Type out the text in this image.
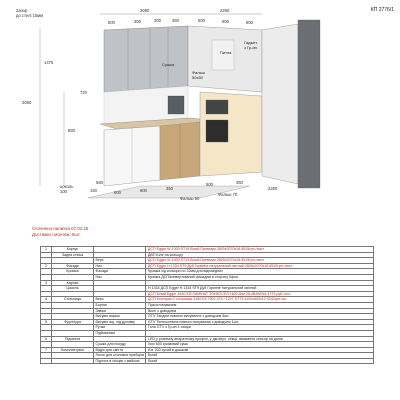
КП 2776/1
2090	2260
2050
1475
860
720
500	400	300	350	600	600	600
600	600	350
500	350
2260
Фальш 70
Фальш 50
150
580
цоколь
100
Зазор
до стелі 15мм
Сушка
Фальш
50х50
Питна
Гаджет
з Гр-ин
Сплачено наличка 07.02.25
Доставки і монтаж: 0шт.
1	Корпус		ДСП Egger W 1000 ST19 Білий Премиум 2800х2070х18 6515грн./лист
	Задня стінка		ДВП Біле на кольору
		Верх	ДСП Egger W 1000 ST19 Білий Премиум 2800х2070х18 6515грн./лист
2	Фасади	Низ	ДСП Egger Н 1334 ST9 Дуб Горянне натуральний світлий 2800х2070х18 6515грн./лист
	Кромка	Фасади	Кромка під кольори по 22мм для відповідних
		Низ	Кромка ДСП/конвертований фасадам в сторону 0фол.
3	Карниз		
	Цоколь		Н 1334 ДСП Egger Н 1334 ST9 Дуб Горянне натуральний світлий
			ДСП Білий Egger 4440 ЕЙ ЛАМІНАТ ТОНКОСЕЛ 1600.Апи 28.4ВхW0х4 4773 руб./ліст
4	Стільниця	Верх	ДСП Kronspan 2 стільниця 3160.ЕК 7802 579 / 1247 ST73.4100х600х12 3343грн./шт
		Бортик	Прісоглочувачем
		Завіси	Blum з доводчем
		Висувні ящики	GTV Тандем повного висування з доводчем 6шт.
5	Фурнітура	Висувні ящ. під духовку	GTV Телескопічна повного висування з доводчем 1шт.
		Ручки	Гола GTV з Гр-ин 1 секція
		Підйомники	
5	Підсвітка		LED у рознімну апаратному профілі, у дві верх. секції, вмикання сенсор на дотик
		Сушка для посуду	Inox 600 хромовий сушк
7	Комплектуючі	Відро для сміття	Kor 200 сухий в дошкові
		Лоток для столових приборів	Білий
		Підлога в секцію з мийкою	Білий
